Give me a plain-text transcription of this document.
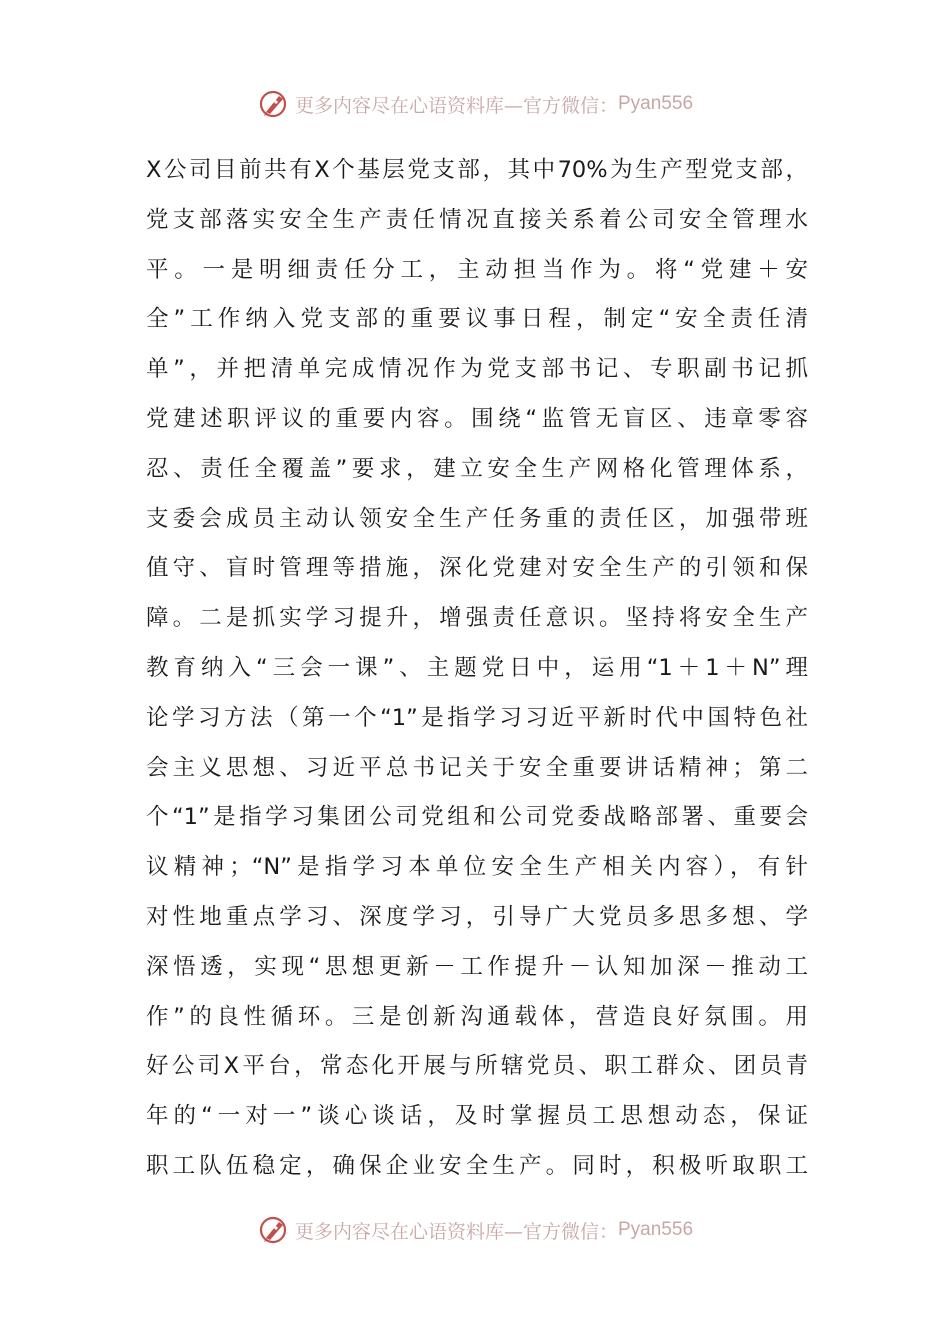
更多内容尽在心语资料库—官方微信： Pyan556
X公司目前共有X个基层党支部，其中70%为生产型党支部，
党支部落实安全生产责任情况直接关系着公司安全管理水
平。一是明细责任分工，主动担当作为。将“党建＋安
全”工作纳入党支部的重要议事日程，制定“安全责任清
单”，并把清单完成情况作为党支部书记、专职副书记抓
党建述职评议的重要内容。围绕“监管无盲区、违章零容
忍、责任全覆盖”要求，建立安全生产网格化管理体系，
支委会成员主动认领安全生产任务重的责任区，加强带班
值守、盲时管理等措施，深化党建对安全生产的引领和保
障。二是抓实学习提升，增强责任意识。坚持将安全生产
教育纳入“三会一课”、主题党日中，运用“1＋1＋N”理
论学习方法（第一个“1”是指学习习近平新时代中国特色社
会主义思想、习近平总书记关于安全重要讲话精神；第二
个“1”是指学习集团公司党组和公司党委战略部署、重要会
议精神；“N”是指学习本单位安全生产相关内容），有针
对性地重点学习、深度学习，引导广大党员多思多想、学
深悟透，实现“思想更新－工作提升－认知加深－推动工
作”的良性循环。三是创新沟通载体，营造良好氛围。用
好公司X平台，常态化开展与所辖党员、职工群众、团员青
年的“一对一”谈心谈话，及时掌握员工思想动态，保证
职工队伍稳定，确保企业安全生产。同时，积极听取职工
更多内容尽在心语资料库—官方微信： Pyan556
